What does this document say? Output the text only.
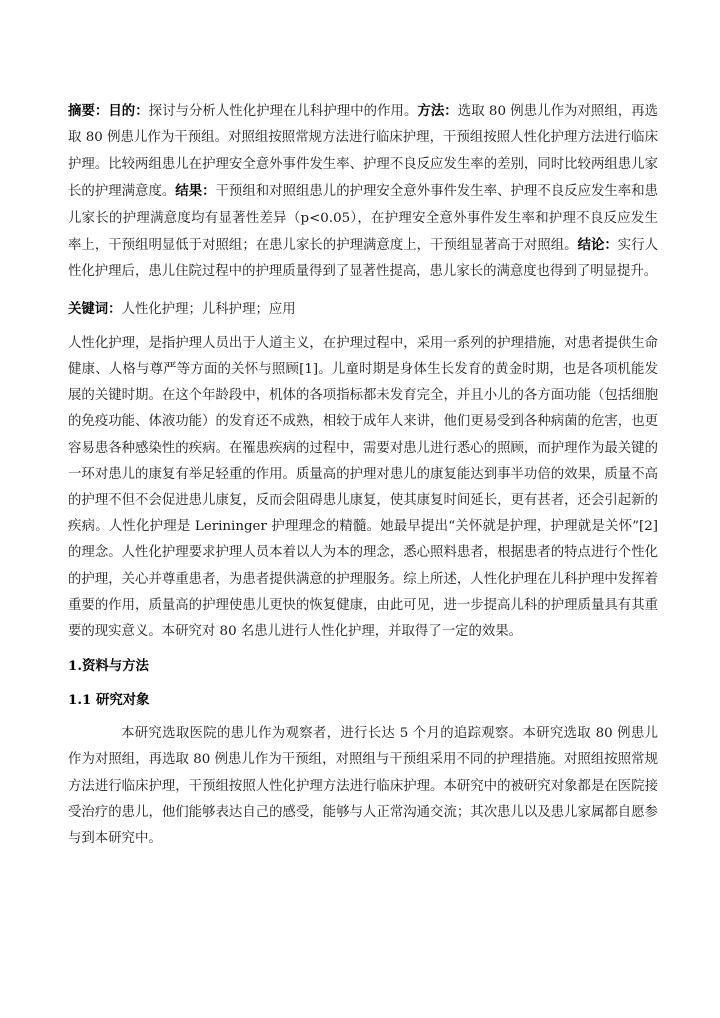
摘要：目的：探讨与分析人性化护理在儿科护理中的作用。方法：选取 80 例患儿作为对照组，再选取 80 例患儿作为干预组。对照组按照常规方法进行临床护理，干预组按照人性化护理方法进行临床护理。比较两组患儿在护理安全意外事件发生率、护理不良反应发生率的差别，同时比较两组患儿家长的护理满意度。结果：干预组和对照组患儿的护理安全意外事件发生率、护理不良反应发生率和患儿家长的护理满意度均有显著性差异（p<0.05），在护理安全意外事件发生率和护理不良反应发生率上，干预组明显低于对照组；在患儿家长的护理满意度上，干预组显著高于对照组。结论：实行人性化护理后，患儿住院过程中的护理质量得到了显著性提高，患儿家长的满意度也得到了明显提升。

关键词：人性化护理；儿科护理；应用

人性化护理，是指护理人员出于人道主义，在护理过程中，采用一系列的护理措施，对患者提供生命健康、人格与尊严等方面的关怀与照顾[1]。儿童时期是身体生长发育的黄金时期，也是各项机能发展的关键时期。在这个年龄段中，机体的各项指标都未发育完全，并且小儿的各方面功能（包括细胞的免疫功能、体液功能）的发育还不成熟，相较于成年人来讲，他们更易受到各种病菌的危害，也更容易患各种感染性的疾病。在罹患疾病的过程中，需要对患儿进行悉心的照顾，而护理作为最关键的一环对患儿的康复有举足轻重的作用。质量高的护理对患儿的康复能达到事半功倍的效果，质量不高的护理不但不会促进患儿康复，反而会阻碍患儿康复，使其康复时间延长，更有甚者，还会引起新的疾病。人性化护理是 Lerininger 护理理念的精髓。她最早提出“关怀就是护理，护理就是关怀”[2]的理念。人性化护理要求护理人员本着以人为本的理念，悉心照料患者，根据患者的特点进行个性化的护理，关心并尊重患者，为患者提供满意的护理服务。综上所述，人性化护理在儿科护理中发挥着重要的作用，质量高的护理使患儿更快的恢复健康，由此可见，进一步提高儿科的护理质量具有其重要的现实意义。本研究对 80 名患儿进行人性化护理，并取得了一定的效果。

1.资料与方法
1.1 研究对象

本研究选取医院的患儿作为观察者，进行长达 5 个月的追踪观察。本研究选取 80 例患儿作为对照组，再选取 80 例患儿作为干预组，对照组与干预组采用不同的护理措施。对照组按照常规方法进行临床护理，干预组按照人性化护理方法进行临床护理。本研究中的被研究对象都是在医院接受治疗的患儿，他们能够表达自己的感受，能够与人正常沟通交流；其次患儿以及患儿家属都自愿参与到本研究中。
